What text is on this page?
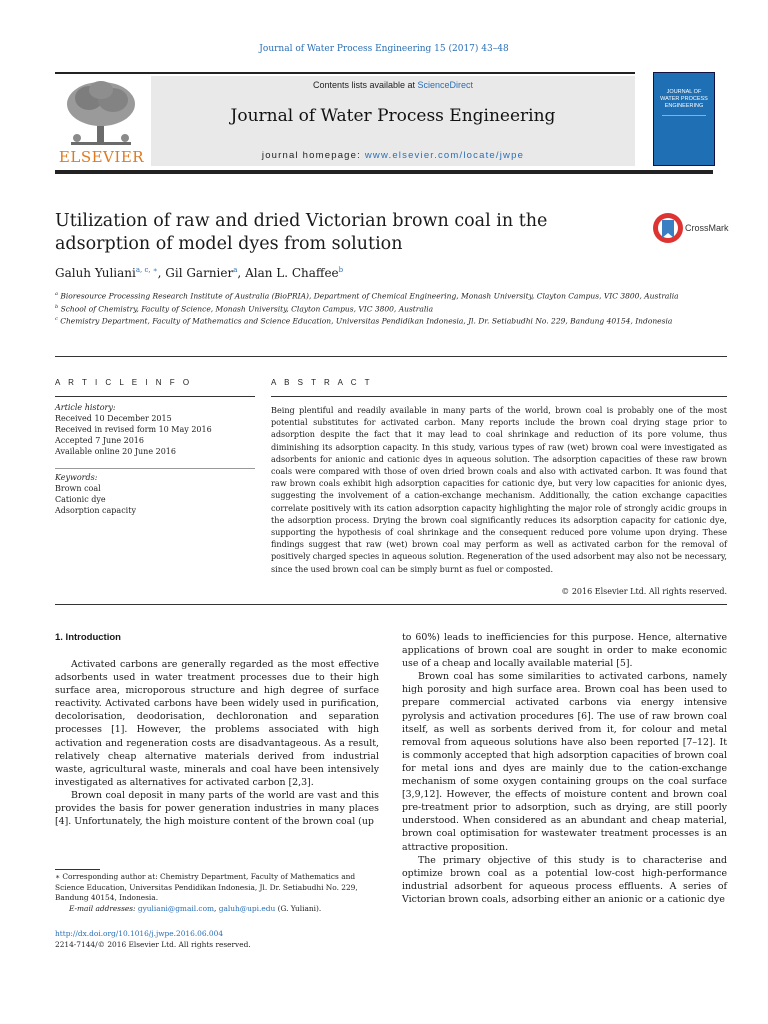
Journal of Water Process Engineering 15 (2017) 43–48
ELSEVIER
Contents lists available at ScienceDirect
Journal of Water Process Engineering
journal homepage: www.elsevier.com/locate/jwpe
JOURNAL OF
WATER PROCESS
ENGINEERING
Utilization of raw and dried Victorian brown coal in the adsorption of model dyes from solution
CrossMark
Galuh Yuliani$^{a, c, ∗}$, Gil Garnier$^a$, Alan L. Chaffee$^b$
$^a$ Bioresource Processing Research Institute of Australia (BioPRIA), Department of Chemical Engineering, Monash University, Clayton Campus, VIC 3800, Australia
$^b$ School of Chemistry, Faculty of Science, Monash University, Clayton Campus, VIC 3800, Australia
$^c$ Chemistry Department, Faculty of Mathematics and Science Education, Universitas Pendidikan Indonesia, Jl. Dr. Setiabudhi No. 229, Bandung 40154, Indonesia
A R T I C L E I N F O	A B S T R A C T
Article history:
Received 10 December 2015
Received in revised form 10 May 2016
Accepted 7 June 2016
Available online 20 June 2016
Keywords:
Brown coal
Cationic dye
Adsorption capacity
Being plentiful and readily available in many parts of the world, brown coal is probably one of the most potential substitutes for activated carbon. Many reports include the brown coal drying stage prior to adsorption despite the fact that it may lead to coal shrinkage and reduction of its pore volume, thus diminishing its adsorption capacity. In this study, various types of raw (wet) brown coal were investigated as adsorbents for anionic and cationic dyes in aqueous solution. The adsorption capacities of these raw brown coals were compared with those of oven dried brown coals and also with activated carbon. It was found that raw brown coals exhibit high adsorption capacities for cationic dye, but very low capacities for anionic dyes, suggesting the involvement of a cation-exchange mechanism. Additionally, the cation exchange capacities correlate positively with its cation adsorption capacity highlighting the major role of strongly acidic groups in the adsorption process. Drying the brown coal significantly reduces its adsorption capacity for cationic dye, supporting the hypothesis of coal shrinkage and the consequent reduced pore volume upon drying. These findings suggest that raw (wet) brown coal may perform as well as activated carbon for the removal of positively charged species in aqueous solution. Regeneration of the used adsorbent may also not be necessary, since the used brown coal can be simply burnt as fuel or composted.
© 2016 Elsevier Ltd. All rights reserved.
1. Introduction

Activated carbons are generally regarded as the most effective adsorbents used in water treatment processes due to their high surface area, microporous structure and high degree of surface reactivity. Activated carbons have been widely used in purification, decolorisation, deodorisation, dechloronation and separation processes [1]. However, the problems associated with high activation and regeneration costs are disadvantageous. As a result, relatively cheap alternative materials derived from industrial waste, agricultural waste, minerals and coal have been intensively investigated as alternatives for activated carbon [2,3].

Brown coal deposit in many parts of the world are vast and this provides the basis for power generation industries in many places [4]. Unfortunately, the high moisture content of the brown coal (up

to 60%) leads to inefficiencies for this purpose. Hence, alternative applications of brown coal are sought in order to make economic use of a cheap and locally available material [5].

Brown coal has some similarities to activated carbons, namely high porosity and high surface area. Brown coal has been used to prepare commercial activated carbons via energy intensive pyrolysis and activation procedures [6]. The use of raw brown coal itself, as well as sorbents derived from it, for colour and metal removal from aqueous solutions have also been reported [7–12]. It is commonly accepted that high adsorption capacities of brown coal for metal ions and dyes are mainly due to the cation-exchange mechanism of some oxygen containing groups on the coal surface [3,9,12]. However, the effects of moisture content and brown coal pre-treatment prior to adsorption, such as drying, are still poorly understood. When considered as an abundant and cheap material, brown coal optimisation for wastewater treatment processes is an attractive proposition.

The primary objective of this study is to characterise and optimize brown coal as a potential low-cost high-performance industrial adsorbent for aqueous process effluents. A series of Victorian brown coals, adsorbing either an anionic or a cationic dye

∗ Corresponding author at: Chemistry Department, Faculty of Mathematics and Science Education, Universitas Pendidikan Indonesia, Jl. Dr. Setiabudhi No. 229, Bandung 40154, Indonesia.
E-mail addresses: gyuliani@gmail.com, galuh@upi.edu (G. Yuliani).
http://dx.doi.org/10.1016/j.jwpe.2016.06.004
2214-7144/© 2016 Elsevier Ltd. All rights reserved.
